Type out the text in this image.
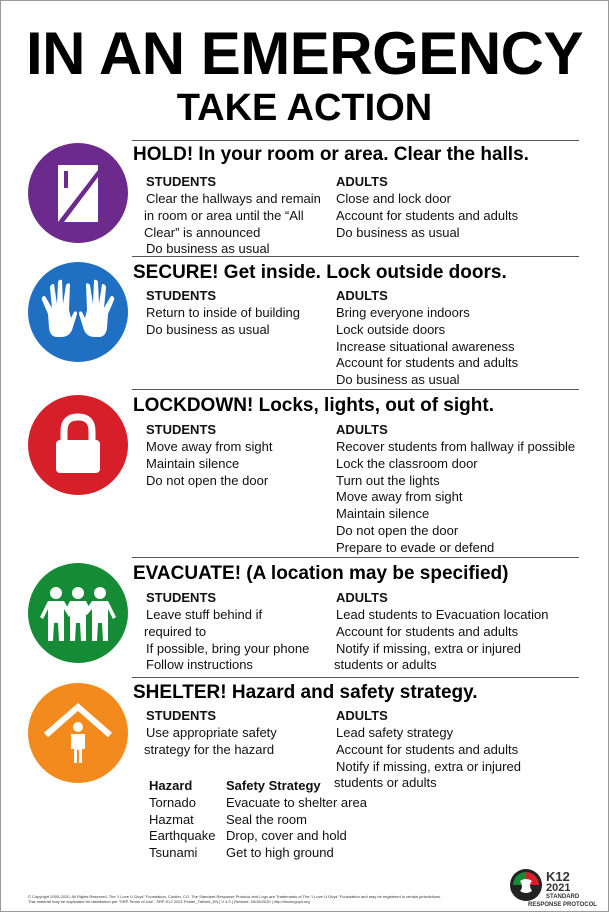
IN AN EMERGENCY
TAKE ACTION
HOLD! In your room or area. Clear the halls.
STUDENTS
Clear the hallways and remain
in room or area until the “All
Clear” is announced
Do business as usual
ADULTS
Close and lock door
Account for students and adults
Do business as usual
SECURE! Get inside. Lock outside doors.
STUDENTS
Return to inside of building
Do business as usual
ADULTS
Bring everyone indoors
Lock outside doors
Increase situational awareness
Account for students and adults
Do business as usual
LOCKDOWN! Locks, lights, out of sight.
STUDENTS
Move away from sight
Maintain silence
Do not open the door
ADULTS
Recover students from hallway if possible
Lock the classroom door
Turn out the lights
Move away from sight
Maintain silence
Do not open the door
Prepare to evade or defend
EVACUATE! (A location may be specified)
STUDENTS
Leave stuff behind if
required to
If possible, bring your phone
Follow instructions
ADULTS
Lead students to Evacuation location
Account for students and adults
Notify if missing, extra or injured
students or adults
SHELTER! Hazard and safety strategy.
STUDENTS
Use appropriate safety
strategy for the hazard
ADULTS
Lead safety strategy
Account for students and adults
Notify if missing, extra or injured
students or adults
Hazard	Safety Strategy
Tornado	Evacuate to shelter area
Hazmat	Seal the room
Earthquake Drop, cover and hold
Tsunami	Get to high ground
© Copyright 2009-2020, All Rights Reserved. The “I Love U Guys” Foundation. Conifer, CO. The Standard Response Protocol and Logo are Trademarks of The “I Love U Guys” Foundation and may be registered in certain jurisdictions.
This material may be duplicated for distribution per “SRP Terms of Use”. SRP K12 2021 Poster_Tabloid_EN | V 4.0 | Revised: 05/26/2020 | http://iloveuguys.org
K12
2021
STANDARD
RESPONSE PROTOCOL
